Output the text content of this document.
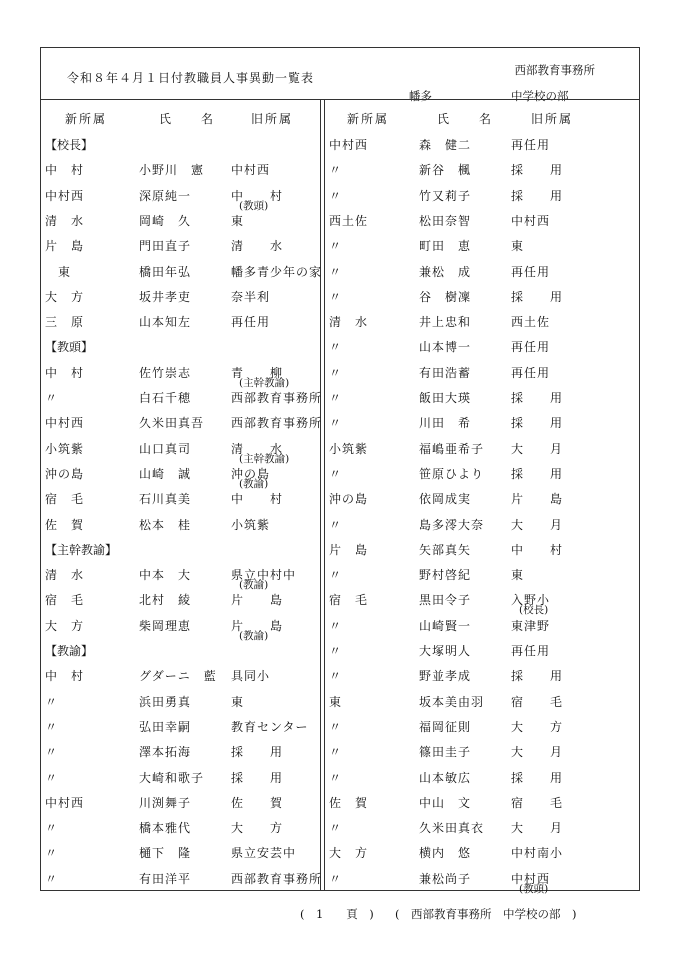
令和８年４月１日付教職員人事異動一覧表
西部教育事務所
幡多	中学校の部
新所属	氏　　名	旧所属	新所属	氏　　名	旧所属
【校長】
中　村	小野川　憲 中村西
中村西	深原純一	中　　村
(教頭)
清　水	岡崎　久	東
片　島	門田直子	清　　水
　東	橋田年弘	幡多青少年の家
大　方	坂井孝吏	奈半利
三　原	山本知左	再任用
【教頭】
中　村	佐竹崇志	青　　柳
(主幹教諭)
〃	白石千穂	西部教育事務所
中村西	久米田真吾 西部教育事務所
小筑紫	山口真司	清　　水
(主幹教諭)
沖の島	山崎　誠	沖の島
(教諭)
宿　毛	石川真美	中　　村
佐　賀	松本　桂	小筑紫
【主幹教諭】
清　水	中本　大	県立中村中
(教諭)
宿　毛	北村　綾	片　　島
大　方	柴岡理恵	片　　島
(教諭)
【教諭】
中　村	グダーニ　藍 具同小
〃	浜田勇真	東
〃	弘田幸嗣	教育センター
〃	澤本拓海	採　　用
〃	大崎和歌子 採　　用
中村西	川渕舞子	佐　　賀
〃	橋本雅代	大　　方
〃	樋下　隆	県立安芸中
〃	有田洋平	西部教育事務所
中村西	森　健二	再任用
〃	新谷　楓	採　　用
〃	竹又莉子	採　　用
西土佐	松田奈智	中村西
〃	町田　恵	東
〃	兼松　成	再任用
〃	谷　樹凜	採　　用
清　水	井上忠和	西土佐
〃	山本博一	再任用
〃	有田浩蓄	再任用
〃	飯田大瑛	採　　用
〃	川田　希	採　　用
小筑紫	福嶋亜希子 大　　月
〃	笹原ひより 採　　用
沖の島	依岡成実	片　　島
〃	島多澪大奈 大　　月
片　島	矢部真矢	中　　村
〃	野村啓紀	東
宿　毛	黒田令子	入野小
(校長)
〃	山崎賢一	東津野
〃	大塚明人	再任用
〃	野並孝成	採　　用
東	坂本美由羽 宿　　毛
〃	福岡征則	大　　方
〃	篠田圭子	大　　月
〃	山本敏広	採　　用
佐　賀	中山　文	宿　　毛
〃	久米田真衣 大　　月
大　方	横内　悠	中村南小
〃	兼松尚子	中村西
(教頭)
(　1　　頁　) (　西部教育事務所　中学校の部　)
